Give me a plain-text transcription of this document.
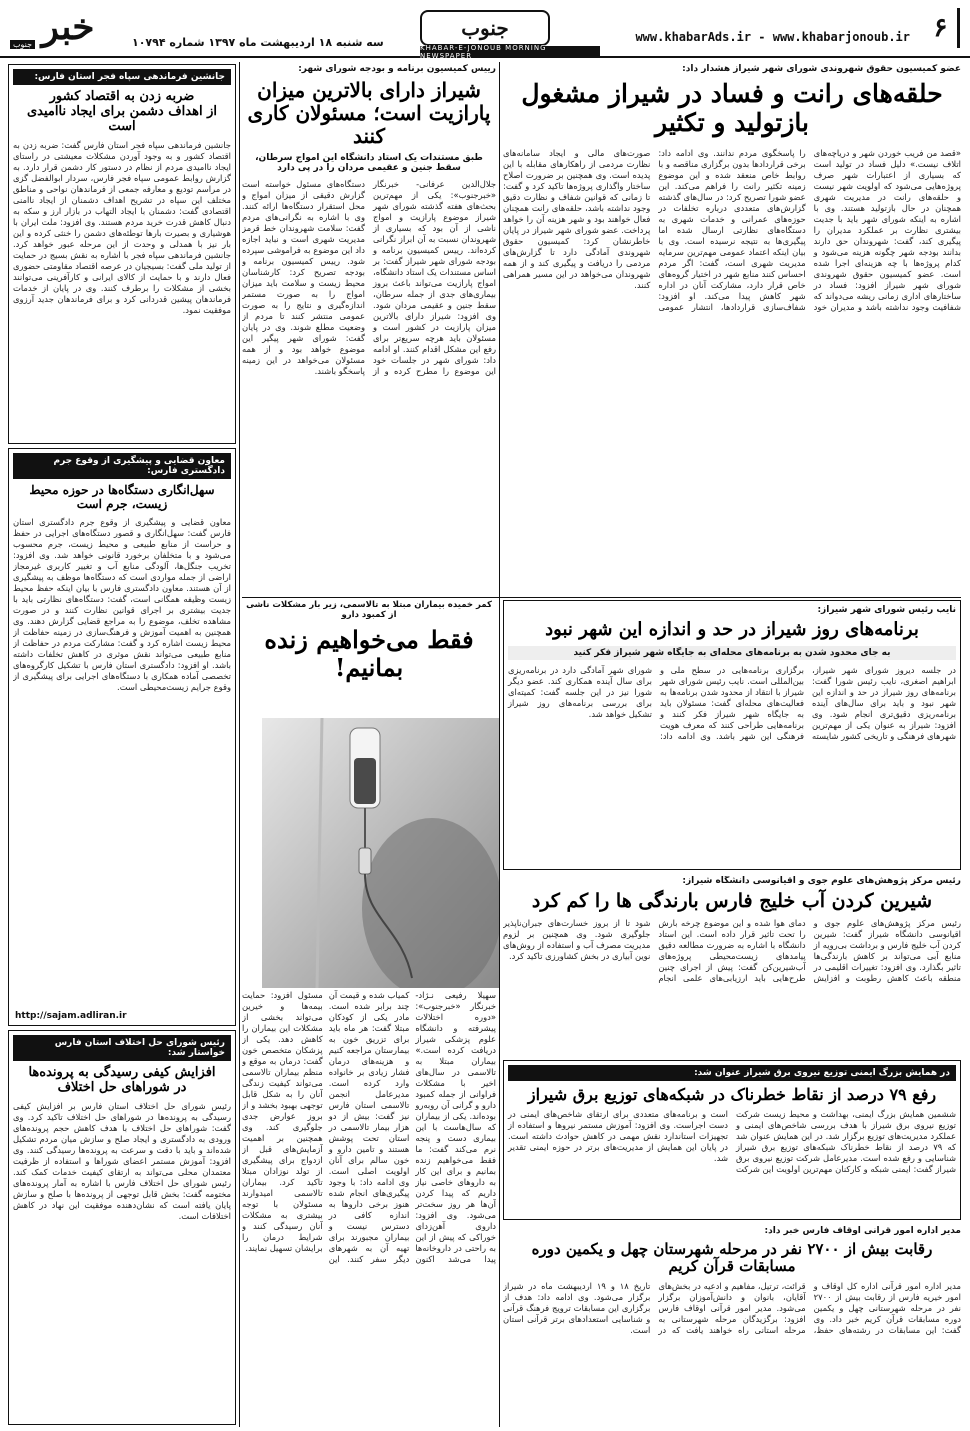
خبر
جنوب	سه شنبه ۱۸ اردیبهشت ماه ۱۳۹۷ شماره ۱۰۷۹۴
جنوب
KHABAR-E-JONOUB MORNING NEWSPAPER
www.khabarAds.ir - www.khabarjonoub.ir ۶
عضو کمیسیون حقوق شهروندی شورای شهر شیراز هشدار داد:
حلقه‌های رانت و فساد در شیراز مشغول بازتولید و تکثیر
«قصد من فریب خوردن شهر و دریاچه‌های اتلاف نیست.» دلیل فساد در تولید است که بسیاری از اعتبارات شهر صرف پروژه‌هایی می‌شود که اولویت شهر نیست و حلقه‌های رانت در مدیریت شهری همچنان در حال بازتولید هستند. وی با اشاره به اینکه شورای شهر باید با جدیت بیشتری نظارت بر عملکرد مدیران را پیگیری کند، گفت: شهروندان حق دارند بدانند بودجه شهر چگونه هزینه می‌شود و کدام پروژه‌ها با چه هزینه‌ای اجرا شده است. عضو کمیسیون حقوق شهروندی شورای شهر شیراز افزود: فساد در ساختارهای اداری زمانی ریشه می‌دواند که شفافیت وجود نداشته باشد و مدیران خود را پاسخگوی مردم ندانند. وی ادامه داد: برخی قراردادها بدون برگزاری مناقصه و با روابط خاص منعقد شده و این موضوع زمینه تکثیر رانت را فراهم می‌کند. این عضو شورا تصریح کرد: در سال‌های گذشته گزارش‌های متعددی درباره تخلفات در حوزه‌های عمرانی و خدمات شهری به دستگاه‌های نظارتی ارسال شده اما پیگیری‌ها به نتیجه نرسیده است. وی با بیان اینکه اعتماد عمومی مهم‌ترین سرمایه مدیریت شهری است، گفت: اگر مردم احساس کنند منابع شهر در اختیار گروه‌های خاص قرار دارد، مشارکت آنان در اداره شهر کاهش پیدا می‌کند. او افزود: شفاف‌سازی قراردادها، انتشار عمومی صورت‌های مالی و ایجاد سامانه‌های نظارت مردمی از راهکارهای مقابله با این پدیده است. وی همچنین بر ضرورت اصلاح ساختار واگذاری پروژه‌ها تاکید کرد و گفت: تا زمانی که قوانین شفاف و نظارت دقیق وجود نداشته باشد، حلقه‌های رانت همچنان فعال خواهند بود و شهر هزینه آن را خواهد پرداخت. عضو شورای شهر شیراز در پایان خاطرنشان کرد: کمیسیون حقوق شهروندی آمادگی دارد تا گزارش‌های مردمی را دریافت و پیگیری کند و از همه شهروندان می‌خواهد در این مسیر همراهی کنند.
رییس کمیسیون برنامه و بودجه شورای شهر:
شیراز دارای بالاترین میزان پارازیت است؛ مسئولان کاری کنند
طبق مستندات یک استاد دانشگاه این امواج سرطان، سقط جنین و عقیمی مردان را در پی دارد
جلال‌الدین عرفانی- خبرنگار «خبرجنوب»: یکی از مهم‌ترین بحث‌های هفته گذشته شورای شهر شیراز موضوع پارازیت و امواج ناشی از آن بود که بسیاری از شهروندان نسبت به آن ابراز نگرانی کرده‌اند. رییس کمیسیون برنامه و بودجه شورای شهر شیراز گفت: بر اساس مستندات یک استاد دانشگاه، امواج پارازیت می‌تواند باعث بروز بیماری‌های جدی از جمله سرطان، سقط جنین و عقیمی مردان شود. وی افزود: شیراز دارای بالاترین میزان پارازیت در کشور است و مسئولان باید هرچه سریع‌تر برای رفع این مشکل اقدام کنند. او ادامه داد: شورای شهر در جلسات خود این موضوع را مطرح کرده و از دستگاه‌های مسئول خواسته است گزارش دقیقی از میزان امواج و محل استقرار دستگاه‌ها ارائه کنند. وی با اشاره به نگرانی‌های مردم گفت: سلامت شهروندان خط قرمز مدیریت شهری است و نباید اجازه داد این موضوع به فراموشی سپرده شود. رییس کمیسیون برنامه و بودجه تصریح کرد: کارشناسان محیط زیست و سلامت باید میزان امواج را به صورت مستمر اندازه‌گیری و نتایج را به صورت عمومی منتشر کنند تا مردم از وضعیت مطلع شوند. وی در پایان گفت: شورای شهر پیگیر این موضوع خواهد بود و از همه مسئولان می‌خواهد در این زمینه پاسخگو باشند.
جانشین فرماندهی سپاه فجر استان فارس:
ضربه زدن به اقتصاد کشور
از اهداف دشمن برای ایجاد ناامیدی است
جانشین فرماندهی سپاه فجر استان فارس گفت: ضربه زدن به اقتصاد کشور و به وجود آوردن مشکلات معیشتی در راستای ایجاد ناامیدی مردم از نظام در دستور کار دشمن قرار دارد. به گزارش روابط عمومی سپاه فجر فارس، سردار ابوالفضل گزی در مراسم تودیع و معارفه جمعی از فرماندهان نواحی و مناطق مختلف این سپاه در تشریح اهداف دشمنان از ایجاد ناامنی اقتصادی گفت: دشمنان با ایجاد التهاب در بازار ارز و سکه به دنبال کاهش قدرت خرید مردم هستند. وی افزود: ملت ایران با هوشیاری و بصیرت بارها توطئه‌های دشمن را خنثی کرده و این بار نیز با همدلی و وحدت از این مرحله عبور خواهد کرد. جانشین فرماندهی سپاه فجر با اشاره به نقش بسیج در حمایت از تولید ملی گفت: بسیجیان در عرصه اقتصاد مقاومتی حضوری فعال دارند و با حمایت از کالای ایرانی و کارآفرینی می‌توانند بخشی از مشکلات را برطرف کنند. وی در پایان از خدمات فرماندهان پیشین قدردانی کرد و برای فرماندهان جدید آرزوی موفقیت نمود.
معاون قضایی و پیشگیری از وقوع جرم دادگستری فارس:
سهل‌انگاری دستگاه‌ها در حوزه محیط زیست، جرم است
معاون قضایی و پیشگیری از وقوع جرم دادگستری استان فارس گفت: سهل‌انگاری و قصور دستگاه‌های اجرایی در حفظ و حراست از منابع طبیعی و محیط زیست، جرم محسوب می‌شود و با متخلفان برخورد قانونی خواهد شد. وی افزود: تخریب جنگل‌ها، آلودگی منابع آب و تغییر کاربری غیرمجاز اراضی از جمله مواردی است که دستگاه‌ها موظف به پیشگیری از آن هستند. معاون دادگستری فارس با بیان اینکه حفظ محیط زیست وظیفه همگانی است، گفت: دستگاه‌های نظارتی باید با جدیت بیشتری بر اجرای قوانین نظارت کنند و در صورت مشاهده تخلف، موضوع را به مراجع قضایی گزارش دهند. وی همچنین به اهمیت آموزش و فرهنگ‌سازی در زمینه حفاظت از محیط زیست اشاره کرد و گفت: مشارکت مردم در حفاظت از منابع طبیعی می‌تواند نقش موثری در کاهش تخلفات داشته باشد. او افزود: دادگستری استان فارس با تشکیل کارگروه‌های تخصصی آماده همکاری با دستگاه‌های اجرایی برای پیشگیری از وقوع جرایم زیست‌محیطی است.
http://sajam.adliran.ir
رئیس شورای حل اختلاف استان فارس خواستار شد:
افزایش کیفی رسیدگی به پرونده‌ها
در شوراهای حل اختلاف
رئیس شورای حل اختلاف استان فارس بر افزایش کیفی رسیدگی به پرونده‌ها در شوراهای حل اختلاف تاکید کرد. وی گفت: شوراهای حل اختلاف با هدف کاهش حجم پرونده‌های ورودی به دادگستری و ایجاد صلح و سازش میان مردم تشکیل شده‌اند و باید با دقت و سرعت به پرونده‌ها رسیدگی کنند. وی افزود: آموزش مستمر اعضای شوراها و استفاده از ظرفیت معتمدان محلی می‌تواند به ارتقای کیفیت خدمات کمک کند. رئیس شورای حل اختلاف فارس با اشاره به آمار پرونده‌های مختومه گفت: بخش قابل توجهی از پرونده‌ها با صلح و سازش پایان یافته است که نشان‌دهنده موفقیت این نهاد در کاهش اختلافات است.
کمر خمیده بیماران مبتلا به تالاسمی، زیر بار مشکلات ناشی از کمبود دارو
فقط می‌خواهیم زنده بمانیم!
سهیلا رفیعی نـژاد- خبرنگار «خبرجنوب»: «دوره اختلالات پیشرفته و دانشگاه علوم پزشکی شیراز دریافت کرده است.» بیماران مبتلا به تالاسمی در سال‌های اخیر با مشکلات فراوانی از جمله کمبود دارو و گرانی آن روبه‌رو بوده‌اند. یکی از بیماران که سال‌هاست با این بیماری دست و پنجه نرم می‌کند گفت: ما فقط می‌خواهیم زنده بمانیم و برای این کار به داروهای خاصی نیاز داریم که پیدا کردن آن‌ها هر روز سخت‌تر می‌شود. وی افزود: داروی آهن‌زدای خوراکی که پیش از این به راحتی در داروخانه‌ها پیدا می‌شد اکنون کمیاب شده و قیمت آن چند برابر شده است. مادر یکی از کودکان مبتلا گفت: هر ماه باید برای تزریق خون به بیمارستان مراجعه کنیم و هزینه‌های درمان فشار زیادی بر خانواده وارد کرده است. مدیرعامل انجمن تالاسمی استان فارس نیز گفت: بیش از دو هزار بیمار تالاسمی در استان تحت پوشش هستند و تامین دارو و خون سالم برای آنان اولویت اصلی است. وی ادامه داد: با وجود پیگیری‌های انجام شده هنوز برخی داروها به اندازه کافی در دسترس نیست و بیماران مجبورند برای تهیه آن به شهرهای دیگر سفر کنند. این مسئول افزود: حمایت بیمه‌ها و خیرین می‌تواند بخشی از مشکلات این بیماران را کاهش دهد. یکی از پزشکان متخصص خون گفت: درمان به موقع و منظم بیماران تالاسمی می‌تواند کیفیت زندگی آنان را به شکل قابل توجهی بهبود بخشد و از بروز عوارض جدی جلوگیری کند. وی همچنین بر اهمیت آزمایش‌های قبل از ازدواج برای پیشگیری از تولد نوزادان مبتلا تاکید کرد. بیماران تالاسمی امیدوارند مسئولان با توجه بیشتری به مشکلات آنان رسیدگی کنند و شرایط درمان را برایشان تسهیل نمایند.
نایب رئیس شورای شهر شیراز:
برنامه‌های روز شیراز در حد و اندازه این شهر نبود
به جای محدود شدن به برنامه‌های محله‌ای به جایگاه شهر شیراز فکر کنید
در جلسه دیروز شورای شهر شیراز، ابراهیم اصغری، نایب رئیس شورا گفت: برنامه‌های روز شیراز در حد و اندازه این شهر نبود و باید برای سال‌های آینده برنامه‌ریزی دقیق‌تری انجام شود. وی افزود: شیراز به عنوان یکی از مهم‌ترین شهرهای فرهنگی و تاریخی کشور شایسته برگزاری برنامه‌هایی در سطح ملی و بین‌المللی است. نایب رئیس شورای شهر شیراز با انتقاد از محدود شدن برنامه‌ها به فعالیت‌های محله‌ای گفت: مسئولان باید به جایگاه شهر شیراز فکر کنند و برنامه‌هایی طراحی کنند که معرف هویت فرهنگی این شهر باشد. وی ادامه داد: شورای شهر آمادگی دارد در برنامه‌ریزی برای سال آینده همکاری کند. عضو دیگر شورا نیز در این جلسه گفت: کمیته‌ای برای بررسی برنامه‌های روز شیراز تشکیل خواهد شد.
رئیس مرکز پژوهش‌های علوم جوی و اقیانوسی دانشگاه شیراز:
شیرین کردن آب خلیج فارس بارندگی ها را کم کرد
رئیس مرکز پژوهش‌های علوم جوی و اقیانوسی دانشگاه شیراز گفت: شیرین کردن آب خلیج فارس و برداشت بی‌رویه از منابع آبی می‌تواند بر کاهش بارندگی‌ها تاثیر بگذارد. وی افزود: تغییرات اقلیمی در منطقه باعث کاهش رطوبت و افزایش دمای هوا شده و این موضوع چرخه بارش را تحت تاثیر قرار داده است. این استاد دانشگاه با اشاره به ضرورت مطالعه دقیق پیامدهای زیست‌محیطی پروژه‌های آب‌شیرین‌کن گفت: پیش از اجرای چنین طرح‌هایی باید ارزیابی‌های علمی انجام شود تا از بروز خسارت‌های جبران‌ناپذیر جلوگیری شود. وی همچنین بر لزوم مدیریت مصرف آب و استفاده از روش‌های نوین آبیاری در بخش کشاورزی تاکید کرد.
در همایش بزرگ ایمنی توزیع نیروی برق شیراز عنوان شد:
رفع ۷۹ درصد از نقاط خطرناک در شبکه‌های توزیع برق شیراز
ششمین همایش بزرگ ایمنی، بهداشت و محیط زیست شرکت توزیع نیروی برق شیراز با هدف بررسی شاخص‌های ایمنی و عملکرد مدیریت‌های توزیع برگزار شد. در این همایش عنوان شد که ۷۹ درصد از نقاط خطرناک شبکه‌های توزیع برق شیراز شناسایی و رفع شده است. مدیرعامل شرکت توزیع نیروی برق شیراز گفت: ایمنی شبکه و کارکنان مهم‌ترین اولویت این شرکت است و برنامه‌های متعددی برای ارتقای شاخص‌های ایمنی در دست اجراست. وی افزود: آموزش مستمر نیروها و استفاده از تجهیزات استاندارد نقش مهمی در کاهش حوادث داشته است. در پایان این همایش از مدیریت‌های برتر در حوزه ایمنی تقدیر شد.
مدیر اداره امور قرآنی اوقاف فارس خبر داد:
رقابت بیش از ۲۷۰۰ نفر در مرحله شهرستان چهل و یکمین دوره مسابقات قرآن کریم
مدیر اداره امور قرآنی اداره کل اوقاف و امور خیریه فارس از رقابت بیش از ۲۷۰۰ نفر در مرحله شهرستانی چهل و یکمین دوره مسابقات قرآن کریم خبر داد. وی گفت: این مسابقات در رشته‌های حفظ، قرائت، ترتیل، مفاهیم و ادعیه در بخش‌های آقایان، بانوان و دانش‌آموزان برگزار می‌شود. مدیر امور قرآنی اوقاف فارس افزود: برگزیدگان مرحله شهرستانی به مرحله استانی راه خواهند یافت که در تاریخ ۱۸ و ۱۹ اردیبهشت ماه در شیراز برگزار می‌شود. وی ادامه داد: هدف از برگزاری این مسابقات ترویج فرهنگ قرآنی و شناسایی استعدادهای برتر قرآنی استان است.
